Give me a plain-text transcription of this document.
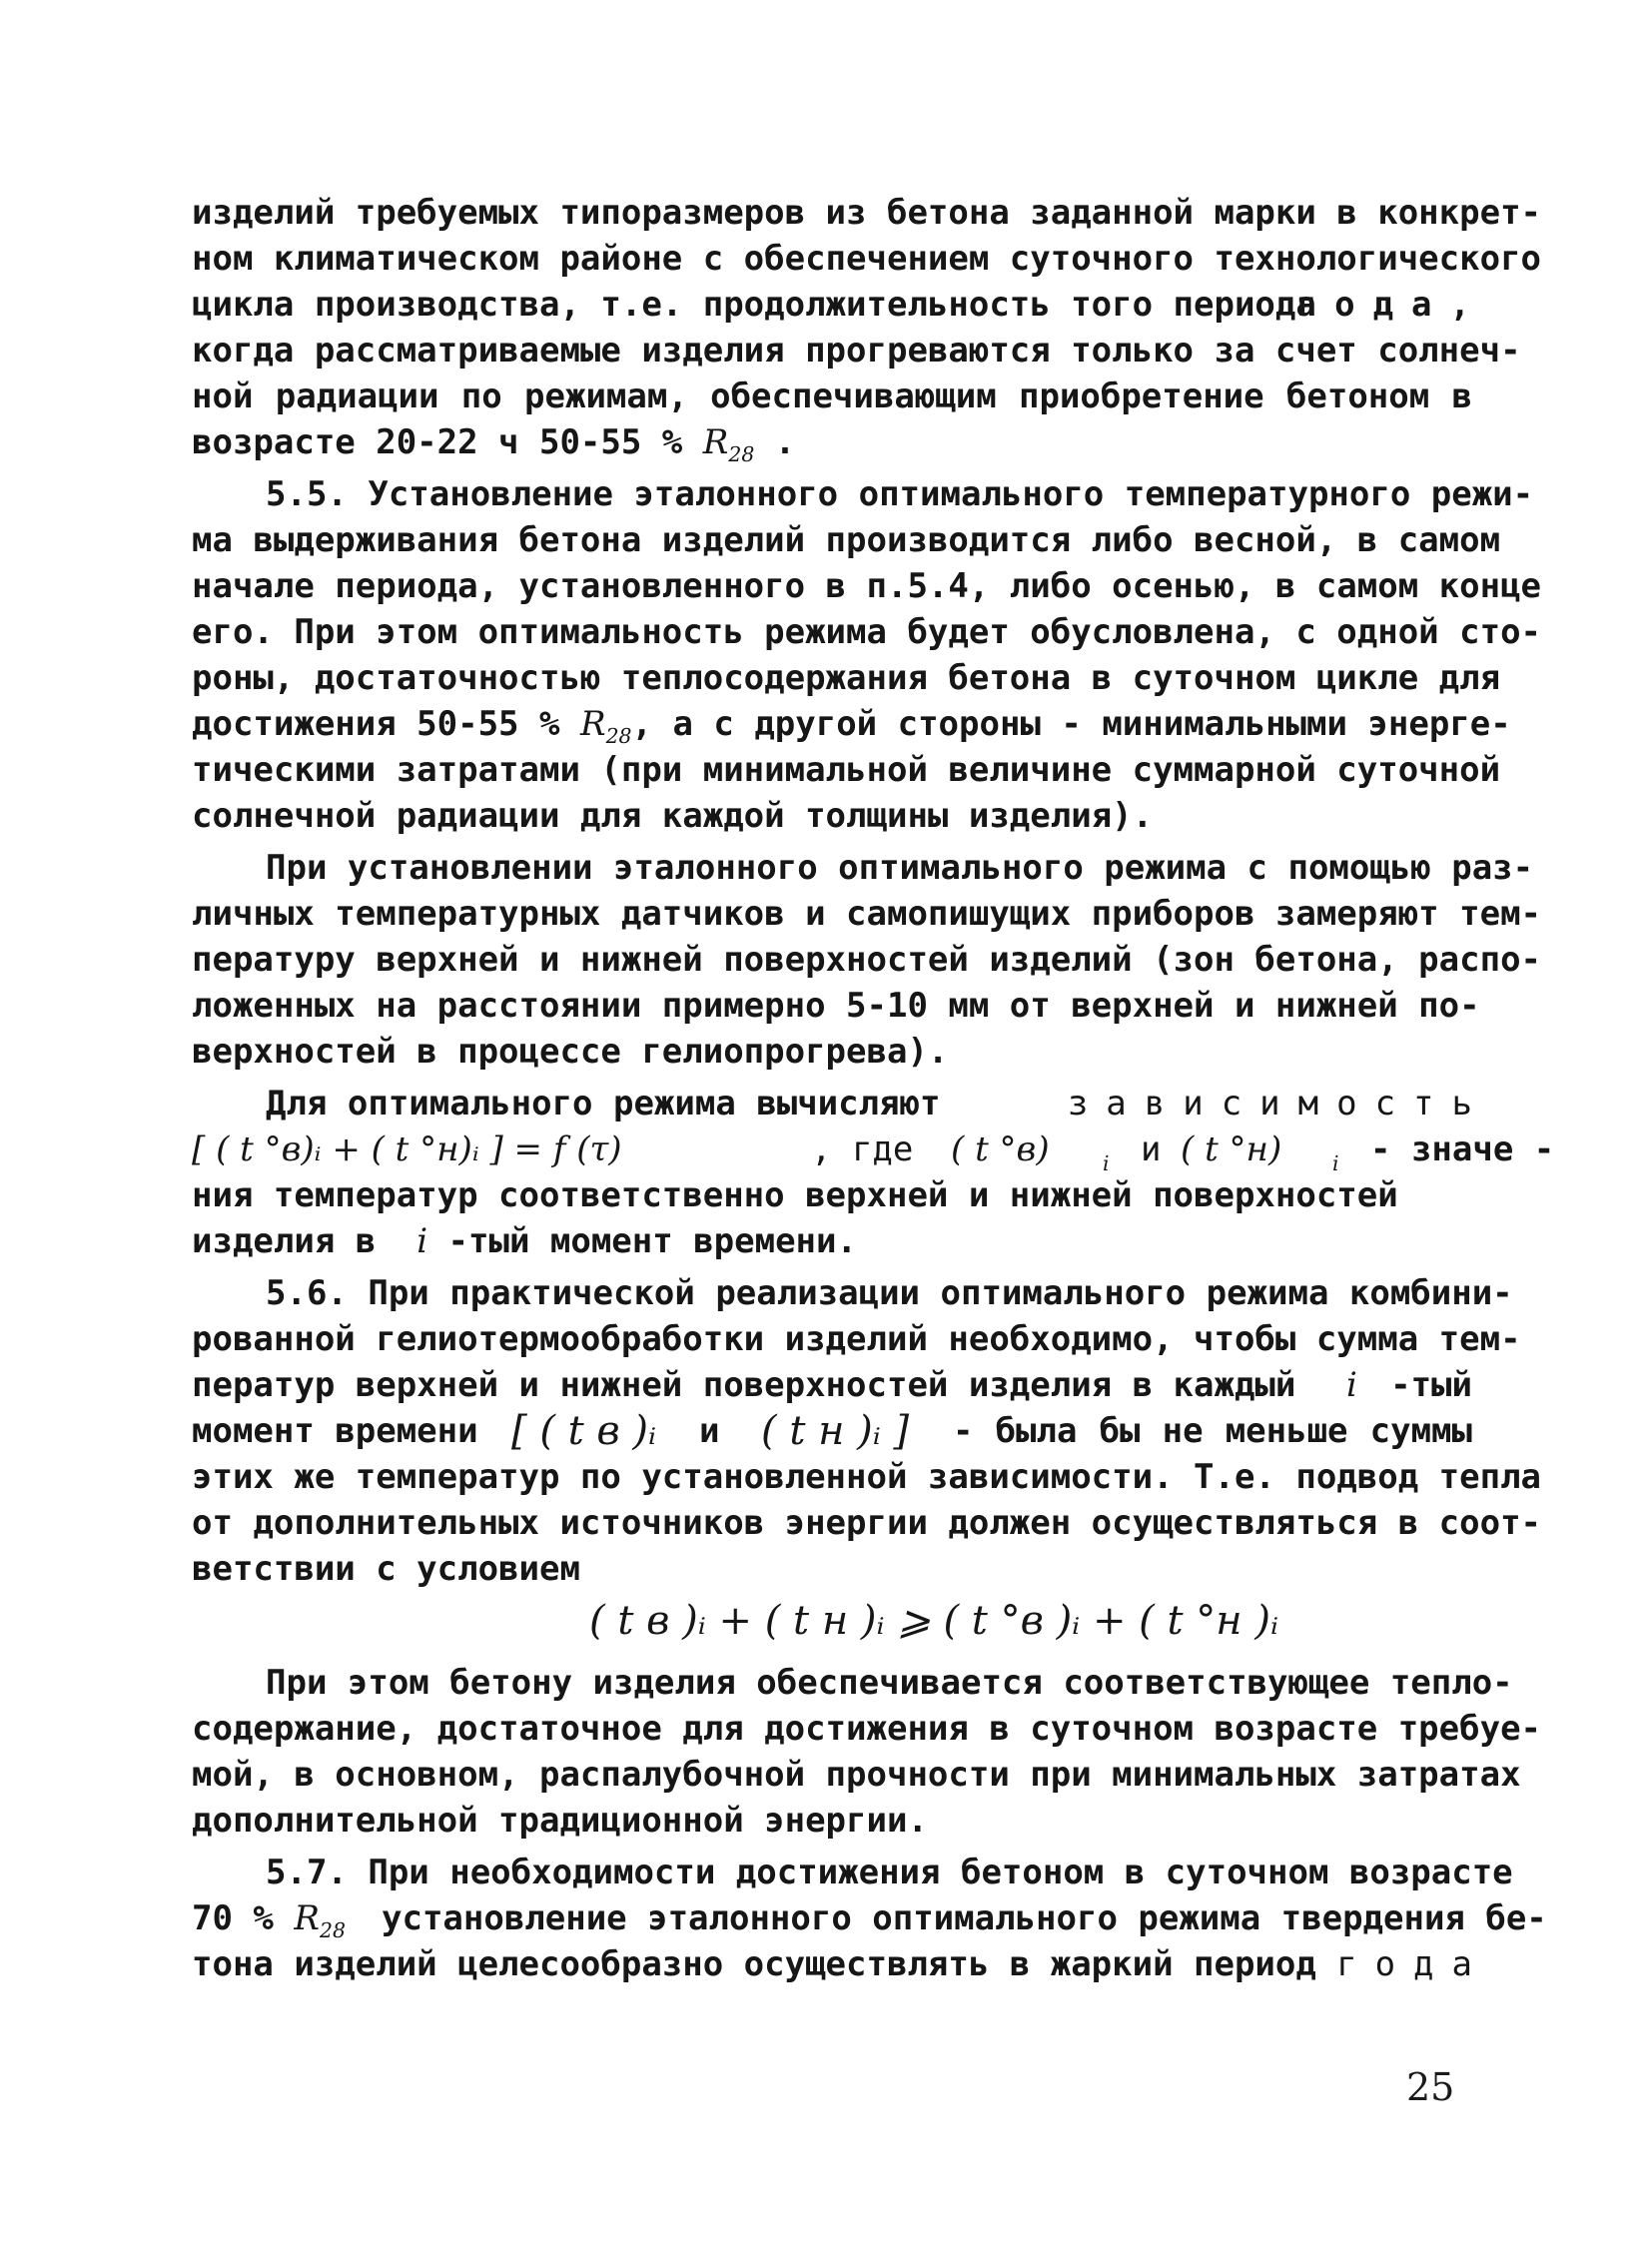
изделий требуемых типоразмеров из бетона заданной марки в конкрет-
ном климатическом районе с обеспечением суточного технологического
цикла производства, т.е. продолжительность того периода
года,
когда рассматриваемые изделия прогреваются только за счет солнеч-
ной радиации по режимам, обеспечивающим приобретение бетоном в
возрасте 20-22 ч 50-55 % $R_{28}$ .
5.5. Установление эталонного оптимального температурного режи-
ма выдерживания бетона изделий производится либо весной, в самом
начале периода, установленного в п.5.4, либо осенью, в самом конце
его. При этом оптимальность режима будет обусловлена, с одной сто-
роны, достаточностью теплосодержания бетона в суточном цикле для
достижения 50-55 % $R_{28}$, а с другой стороны - минимальными энерге-
тическими затратами (при минимальной величине суммарной суточной
солнечной радиации для каждой толщины изделия).
При установлении эталонного оптимального режима с помощью раз-
личных температурных датчиков и самопишущих приборов замеряют тем-
пературу верхней и нижней поверхностей изделий (зон бетона, распо-
ложенных на расстоянии примерно 5-10 мм от верхней и нижней по-
верхностей в процессе гелиопрогрева).
Для оптимального режима вычисляют	зависимость
[ ( t °в)ᵢ + ( t °н)ᵢ ] = f (τ)	, где ( t °в)	i и ( t °н) i - значе -
ния температур соответственно верхней и нижней поверхностей
изделия в i -тый момент времени.
5.6. При практической реализации оптимального режима комбини-
рованной гелиотермообработки изделий необходимо, чтобы сумма тем-
ператур верхней и нижней поверхностей изделия в каждый i -тый
момент времени [ ( t в )ᵢ и ( t н )ᵢ ] - была бы не меньше суммы
этих же температур по установленной зависимости. Т.е. подвод тепла
от дополнительных источников энергии должен осуществляться в соот-
ветствии с условием
( t в )ᵢ + ( t н )ᵢ ⩾ ( t °в )ᵢ + ( t °н )ᵢ
При этом бетону изделия обеспечивается соответствующее тепло-
содержание, достаточное для достижения в суточном возрасте требуе-
мой, в основном, распалубочной прочности при минимальных затратах
дополнительной традиционной энергии.
5.7. При необходимости достижения бетоном в суточном возрасте
70 % $R_{28}$ установление эталонного оптимального режима твердения бе-
тона изделий целесообразно осуществлять в жаркий период года
25
